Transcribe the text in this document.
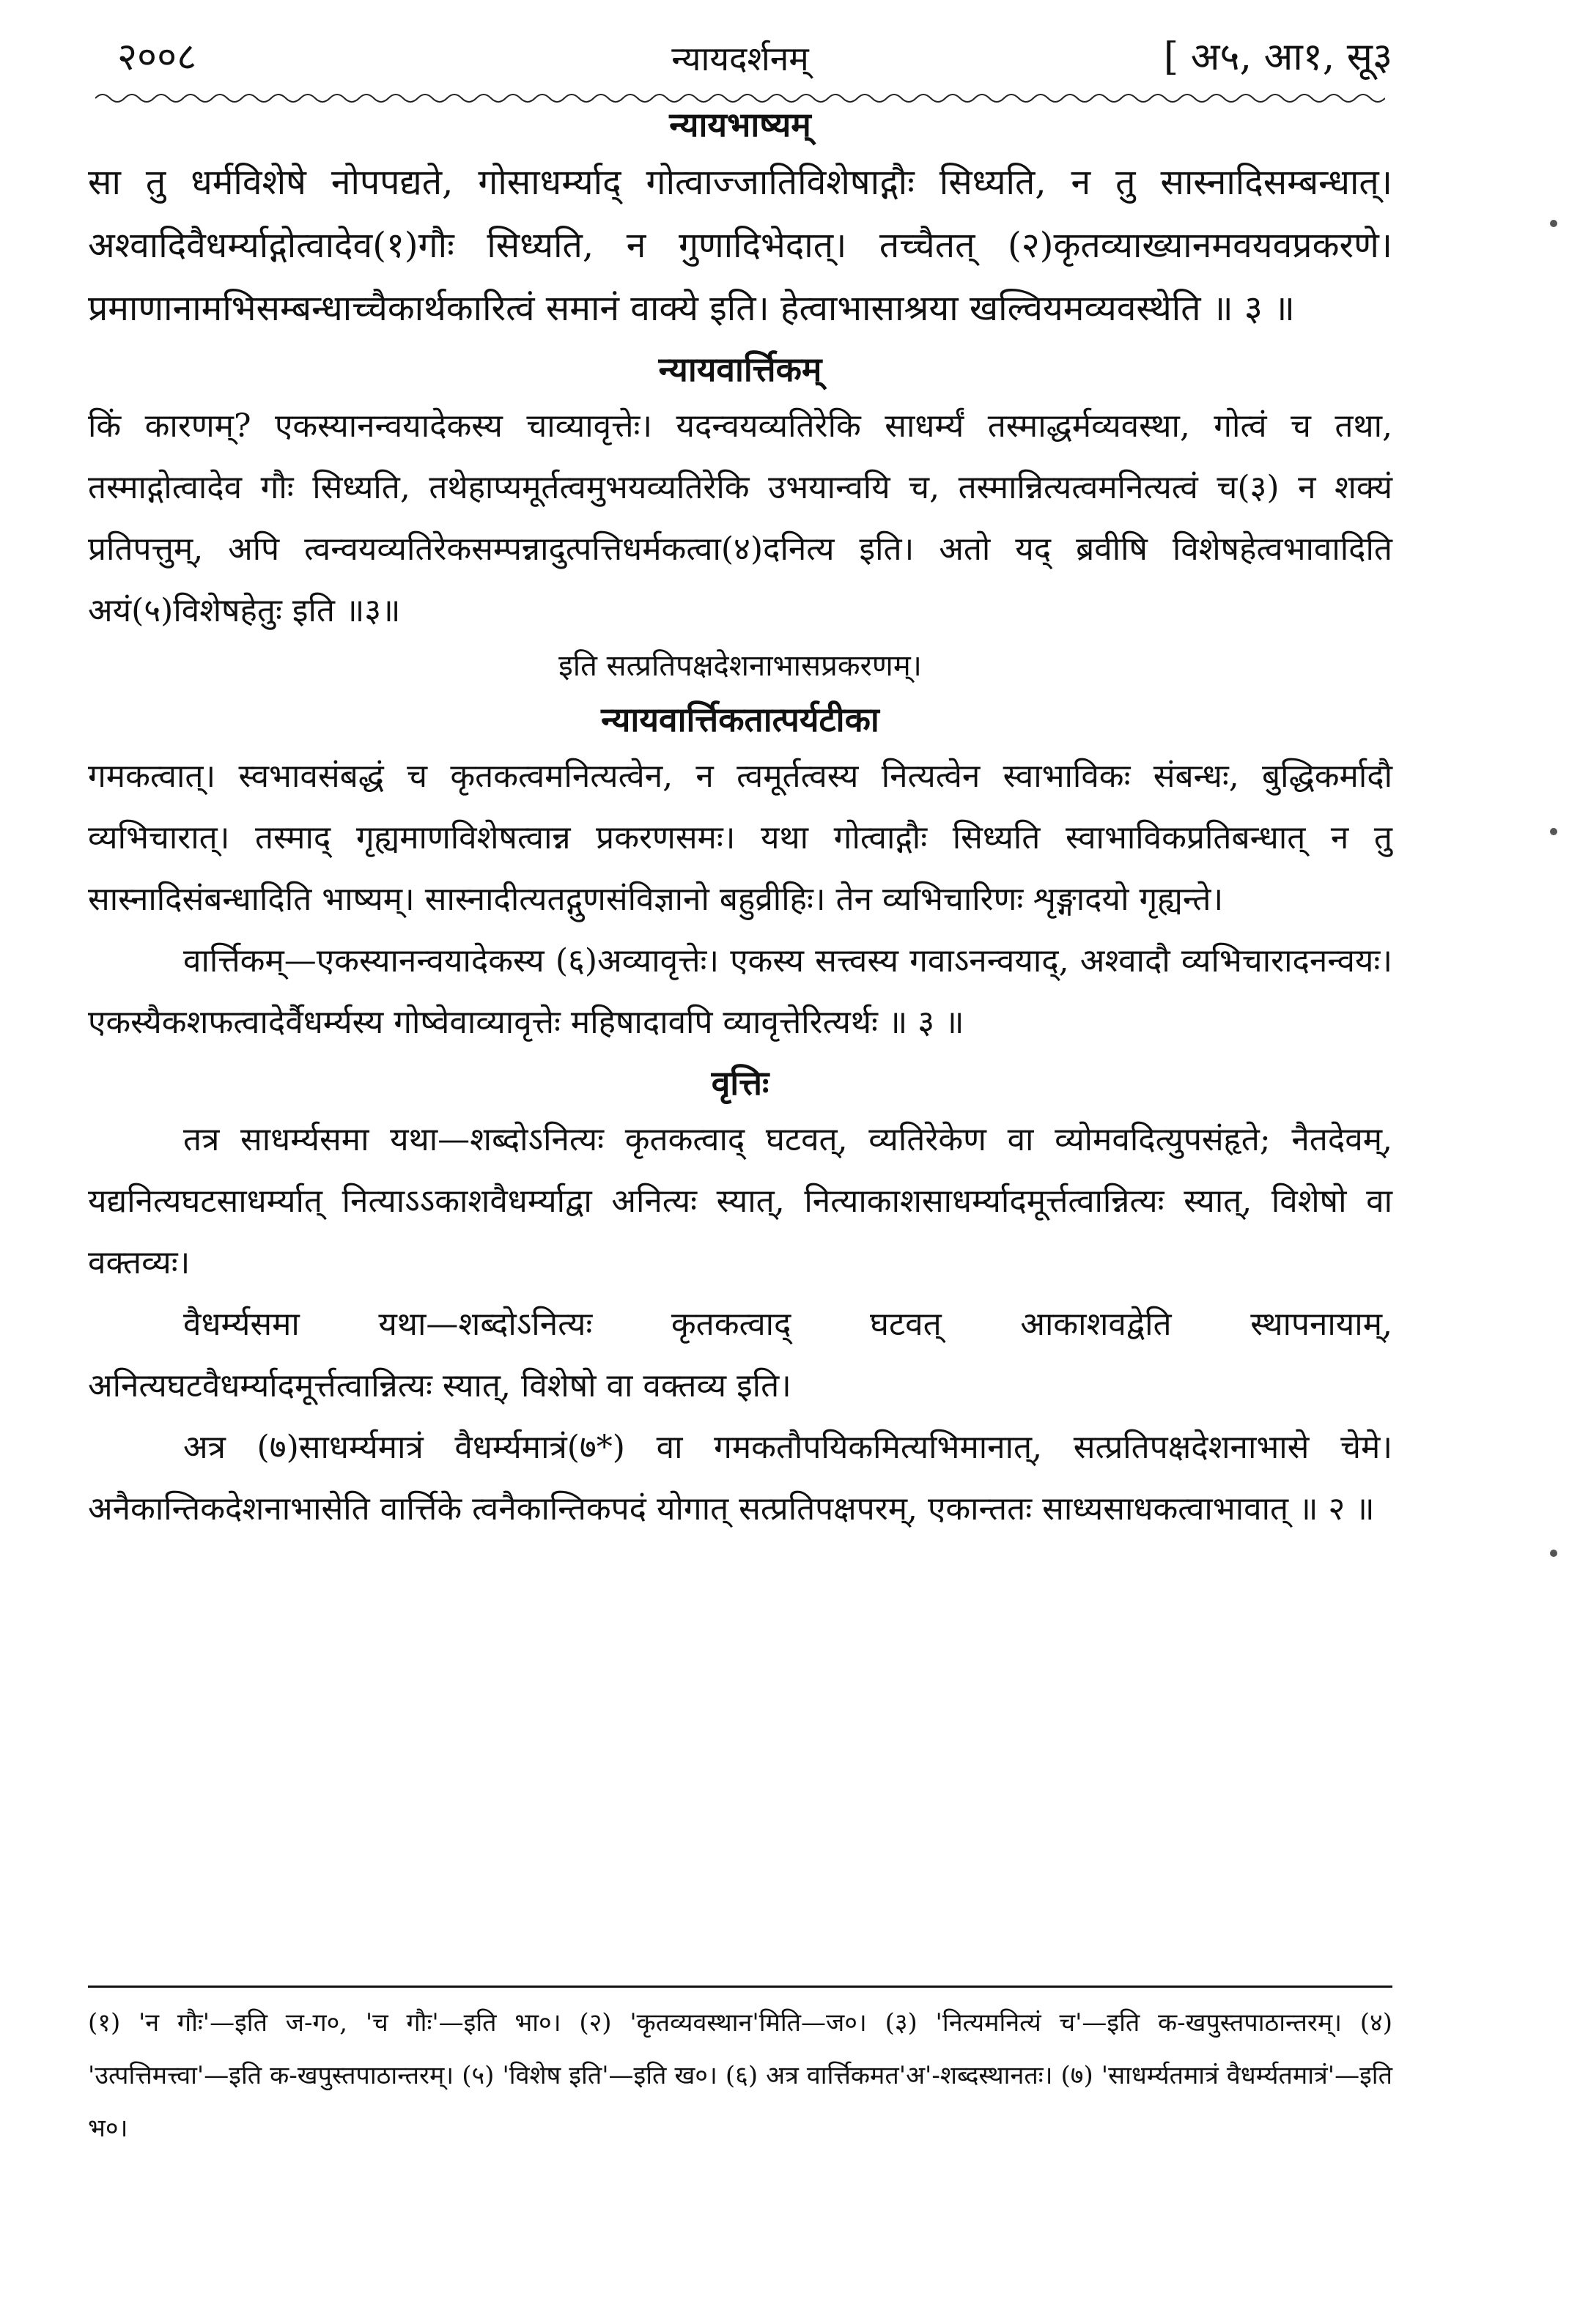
२००८	न्यायदर्शनम्	[ अ५, आ१, सू३
न्यायभाष्यम्

सा तु धर्मविशेषे नोपपद्यते, गोसाधर्म्याद् गोत्वाज्जातिविशेषाद्गौः सिध्यति, न तु सास्नादिसम्बन्धात्। अश्वादिवैधर्म्याद्गोत्वादेव(१)गौः सिध्यति, न गुणादिभेदात्। तच्चैतत् (२)कृतव्याख्यानमवयवप्रकरणे। प्रमाणानामभिसम्बन्धाच्चैकार्थकारित्वं समानं वाक्ये इति। हेत्वाभासाश्रया खल्वियमव्यवस्थेति ॥ ३ ॥

न्यायवार्त्तिकम्

किं कारणम्? एकस्यानन्वयादेकस्य चाव्यावृत्तेः। यदन्वयव्यतिरेकि साधर्म्यं तस्माद्धर्मव्यवस्था, गोत्वं च तथा, तस्माद्गोत्वादेव गौः सिध्यति, तथेहाप्यमूर्तत्वमुभयव्यतिरेकि उभयान्वयि च, तस्मान्नित्यत्वमनित्यत्वं च(३) न शक्यं प्रतिपत्तुम्, अपि त्वन्वयव्यतिरेकसम्पन्नादुत्पत्तिधर्मकत्वा(४)दनित्य इति। अतो यद् ब्रवीषि विशेषहेत्वभावादिति अयं(५)विशेषहेतुः इति ॥३॥

इति सत्प्रतिपक्षदेशनाभासप्रकरणम्।

न्यायवार्त्तिकतात्पर्यटीका

गमकत्वात्। स्वभावसंबद्धं च कृतकत्वमनित्यत्वेन, न त्वमूर्तत्वस्य नित्यत्वेन स्वाभाविकः संबन्धः, बुद्धिकर्मादौ व्यभिचारात्। तस्माद् गृह्यमाणविशेषत्वान्न प्रकरणसमः। यथा गोत्वाद्गौः सिध्यति स्वाभाविकप्रतिबन्धात् न तु सास्नादिसंबन्धादिति भाष्यम्। सास्नादीत्यतद्गुणसंविज्ञानो बहुव्रीहिः। तेन व्यभिचारिणः शृङ्गादयो गृह्यन्ते।

वार्त्तिकम्—एकस्यानन्वयादेकस्य (६)अव्यावृत्तेः। एकस्य सत्त्वस्य गवाऽनन्वयाद्, अश्वादौ व्यभिचारादनन्वयः। एकस्यैकशफत्वादेर्वैधर्म्यस्य गोष्वेवाव्यावृत्तेः महिषादावपि व्यावृत्तेरित्यर्थः ॥ ३ ॥

वृत्तिः

तत्र साधर्म्यसमा यथा—शब्दोऽनित्यः कृतकत्वाद् घटवत्, व्यतिरेकेण वा व्योमवदित्युपसंहृते; नैतदेवम्, यद्यनित्यघटसाधर्म्यात् नित्याऽऽकाशवैधर्म्याद्वा अनित्यः स्यात्, नित्याकाशसाधर्म्यादमूर्त्तत्वान्नित्यः स्यात्, विशेषो वा वक्तव्यः।

वैधर्म्यसमा यथा—शब्दोऽनित्यः कृतकत्वाद् घटवत् आकाशवद्वेति स्थापनायाम्, अनित्यघटवैधर्म्यादमूर्त्तत्वान्नित्यः स्यात्, विशेषो वा वक्तव्य इति।

अत्र (७)साधर्म्यमात्रं वैधर्म्यमात्रं(७*) वा गमकतौपयिकमित्यभिमानात्, सत्प्रतिपक्षदेशनाभासे चेमे। अनैकान्तिकदेशनाभासेति वार्त्तिके त्वनैकान्तिकपदं योगात् सत्प्रतिपक्षपरम्, एकान्ततः साध्यसाधकत्वाभावात् ॥ २ ॥

(१) 'न गौः'—इति ज-ग०, 'च गौः'—इति भा०। (२) 'कृतव्यवस्थान'मिति—ज०। (३) 'नित्यमनित्यं च'—इति क-खपुस्तपाठान्तरम्। (४) 'उत्पत्तिमत्त्वा'—इति क-खपुस्तपाठान्तरम्। (५) 'विशेष इति'—इति ख०। (६) अत्र वार्त्तिकमत'अ'-शब्दस्थानतः। (७) 'साधर्म्यतमात्रं वैधर्म्यतमात्रं'—इति भ०।
